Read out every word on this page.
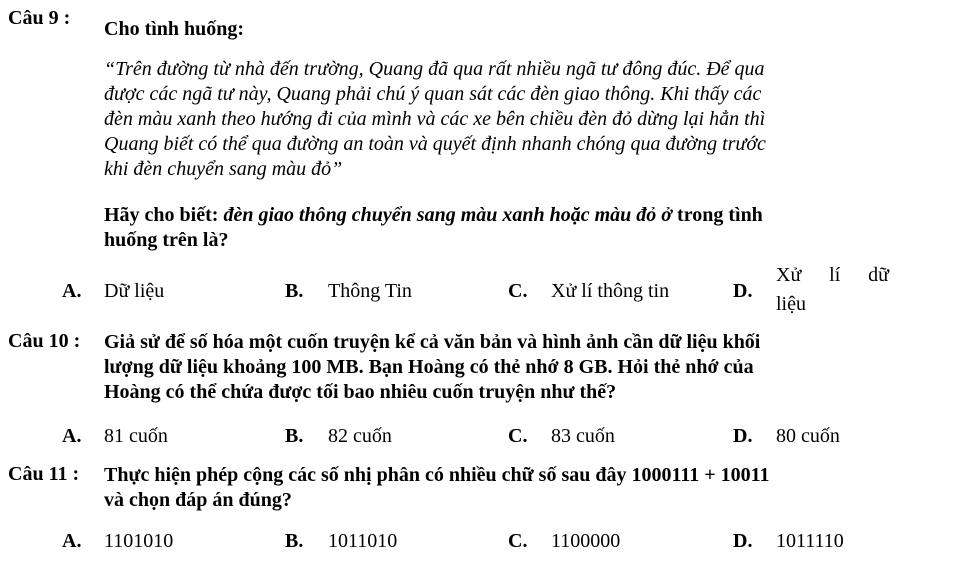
Câu 9 : Cho tình huống:
“Trên đường từ nhà đến trường, Quang đã qua rất nhiều ngã tư đông đúc. Để qua
được các ngã tư này, Quang phải chú ý quan sát các đèn giao thông. Khi thấy các
đèn màu xanh theo hướng đi của mình và các xe bên chiều đèn đỏ dừng lại hẳn thì
Quang biết có thể qua đường an toàn và quyết định nhanh chóng qua đường trước
khi đèn chuyển sang màu đỏ”
Hãy cho biết: đèn giao thông chuyển sang màu xanh hoặc màu đỏ ở trong tình
huống trên là?
A. Dữ liệu	B. Thông Tin	C. Xử lí thông tin	D.
Xử lí dữ
liệu
Câu 10 : Giả sử để số hóa một cuốn truyện kể cả văn bản và hình ảnh cần dữ liệu khối
lượng dữ liệu khoảng 100 MB. Bạn Hoàng có thẻ nhớ 8 GB. Hỏi thẻ nhớ của
Hoàng có thể chứa được tối bao nhiêu cuốn truyện như thế?
A. 81 cuốn	B. 82 cuốn	C. 83 cuốn	D. 80 cuốn
Câu 11 : Thực hiện phép cộng các số nhị phân có nhiều chữ số sau đây 1000111 + 10011
và chọn đáp án đúng?
A. 1101010	B. 1011010	C. 1100000	D. 1011110
